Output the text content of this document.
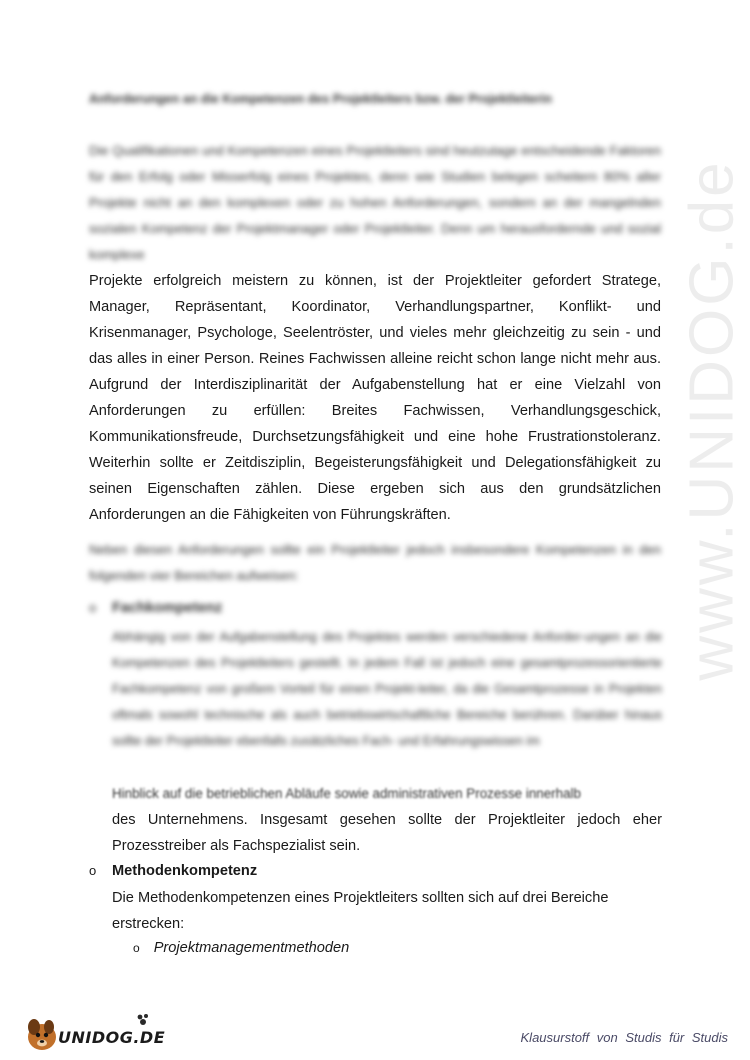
www.UNIDOG.de
Anforderungen an die Kompetenzen des Projektleiters bzw. der Projektleiterin

Die Qualifikationen und Kompetenzen eines Projektleiters sind heutzutage entscheidende Faktoren für den Erfolg oder Misserfolg eines Projektes, denn wie Studien belegen scheitern 80% aller Projekte nicht an den komplexen oder zu hohen Anforderungen, sondern an der mangelnden sozialen Kompetenz der Projektmanager oder Projektleiter. Denn um herausfordernde und sozial komplexe

Projekte erfolgreich meistern zu können, ist der Projektleiter gefordert Stratege, Manager, Repräsentant, Koordinator, Verhandlungspartner, Konflikt- und Krisenmanager, Psychologe, Seelentröster, und vieles mehr gleichzeitig zu sein - und das alles in einer Person. Reines Fachwissen alleine reicht schon lange nicht mehr aus. Aufgrund der Interdisziplinarität der Aufgabenstellung hat er eine Vielzahl von Anforderungen zu erfüllen: Breites Fachwissen, Verhandlungsgeschick, Kommunikationsfreude, Durchsetzungsfähigkeit und eine hohe Frustrationstoleranz. Weiterhin sollte er Zeitdisziplin, Begeisterungsfähigkeit und Delegationsfähigkeit zu seinen Eigenschaften zählen. Diese ergeben sich aus den grundsätzlichen Anforderungen an die Fähigkeiten von Führungskräften.

Neben diesen Anforderungen sollte ein Projektleiter jedoch insbesondere Kompetenzen in den folgenden vier Bereichen aufweisen:

o Fachkompetenz

Abhängig von der Aufgabenstellung des Projektes werden verschiedene Anforder-ungen an die Kompetenzen des Projektleiters gestellt. In jedem Fall ist jedoch eine gesamtprozessorientierte Fachkompetenz von großem Vorteil für einen Projekt-leiter, da die Gesamtprozesse in Projekten oftmals sowohl technische als auch betriebswirtschaftliche Bereiche berühren. Darüber hinaus sollte der Projektleiter ebenfalls zusätzliches Fach- und Erfahrungswissen im

Hinblick auf die betrieblichen Abläufe sowie administrativen Prozesse innerhalb

des Unternehmens. Insgesamt gesehen sollte der Projektleiter jedoch eher Prozesstreiber als Fachspezialist sein.

o Methodenkompetenz

Die Methodenkompetenzen eines Projektleiters sollten sich auf drei Bereiche erstrecken:

o Projektmanagementmethoden
UNIDOG.DE	Klausurstoff von Studis für Studis
